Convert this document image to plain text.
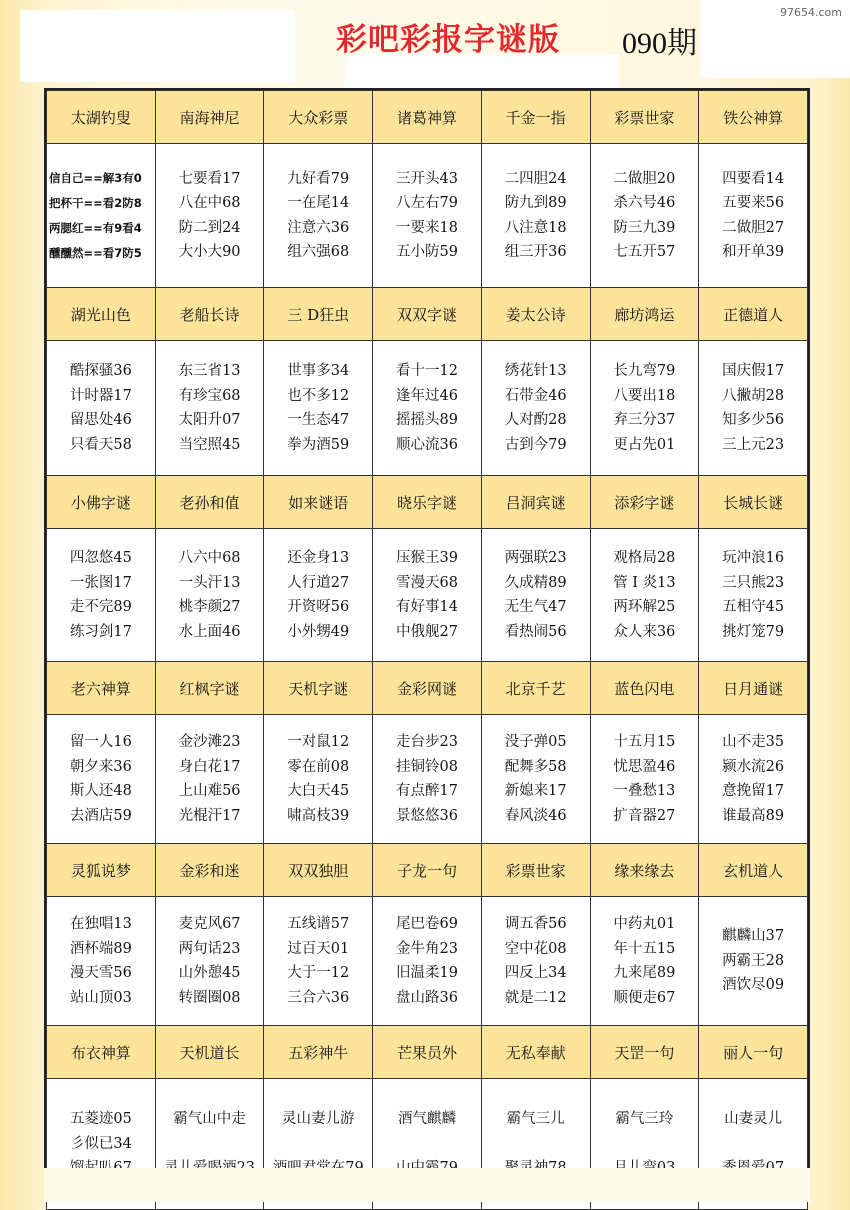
彩吧彩报字谜版 090期
97654.com
太湖钓叟	南海神尼	大众彩票	诸葛神算	千金一指	彩票世家	铁公神算

信自己==解3有0
把杯干==看2防8
两腮红==有9看4
醺醺然==看7防5	七要看17
八在中68
防二到24
大小大90	九好看79
一在尾14
注意六36
组六强68	三开头43
八左右79
一要来18
五小防59	二四胆24
防九到89
八注意18
组三开36	二做胆20
杀六号46
防三九39
七五开57	四要看14
五要来56
二做胆27
和开单39

湖光山色	老船长诗	三 D狂虫	双双字谜	姜太公诗	廊坊鸿运	正德道人

酷探骚36
计时器17
留思处46
只看天58	东三省13
有珍宝68
太阳升07
当空照45	世事多34
也不多12
一生态47
拳为酒59	看十一12
逢年过46
摇摇头89
顺心流36	绣花针13
石带金46
人对酌28
古到今79	长九弯79
八要出18
弃三分37
更占先01	国庆假17
八撇胡28
知多少56
三上元23

小佛字谜	老孙和值	如来谜语	晓乐字谜	吕洞宾谜	添彩字谜	长城长谜

四忽悠45
一张图17
走不完89
练习剑17	八六中68
一头汗13
桃李颜27
水上面46	还金身13
人行道27
开资呀56
小外甥49	压猴王39
雪漫天68
有好事14
中俄舰27	两强联23
久成精89
无生气47
看热闹56	观格局28
管 I 炎13
两环解25
众人来36	玩冲浪16
三只熊23
五相守45
挑灯笼79

老六神算	红枫字谜	天机字谜	金彩网谜	北京千艺	蓝色闪电	日月通谜

留一人16
朝夕来36
斯人还48
去酒店59	金沙滩23
身白花17
上山难56
光棍汗17	一对鼠12
零在前08
大白天45
啸高枝39	走台步23
挂铜铃08
有点醉17
景悠悠36	没子弹05
配舞多58
新媳来17
春风淡46	十五月15
忧思盈46
一叠愁13
扩音器27	山不走35
颍水流26
意挽留17
谁最高89

灵狐说梦	金彩和迷	双双独胆	子龙一句	彩票世家	缘来缘去	玄机道人

在独唱13
酒杯端89
漫天雪56
站山顶03	麦克风67
两句话23
山外憩45
转圈圈08	五线谱57
过百天01
大于一12
三合六36	尾巴卷69
金牛角23
旧温柔19
盘山路36	调五香56
空中花08
四反上34
就是二12	中药丸01
年十五15
九来尾89
顺便走67	麒麟山37
两霸王28
酒饮尽09

布衣神算	天机道长	五彩神牛	芒果员外	无私奉献	天罡一句	丽人一句

五菱迹05
彡似已34	霸气山中走	灵山妻儿游	酒气麒麟	霸气三儿	霸气三玲	山妻灵儿
